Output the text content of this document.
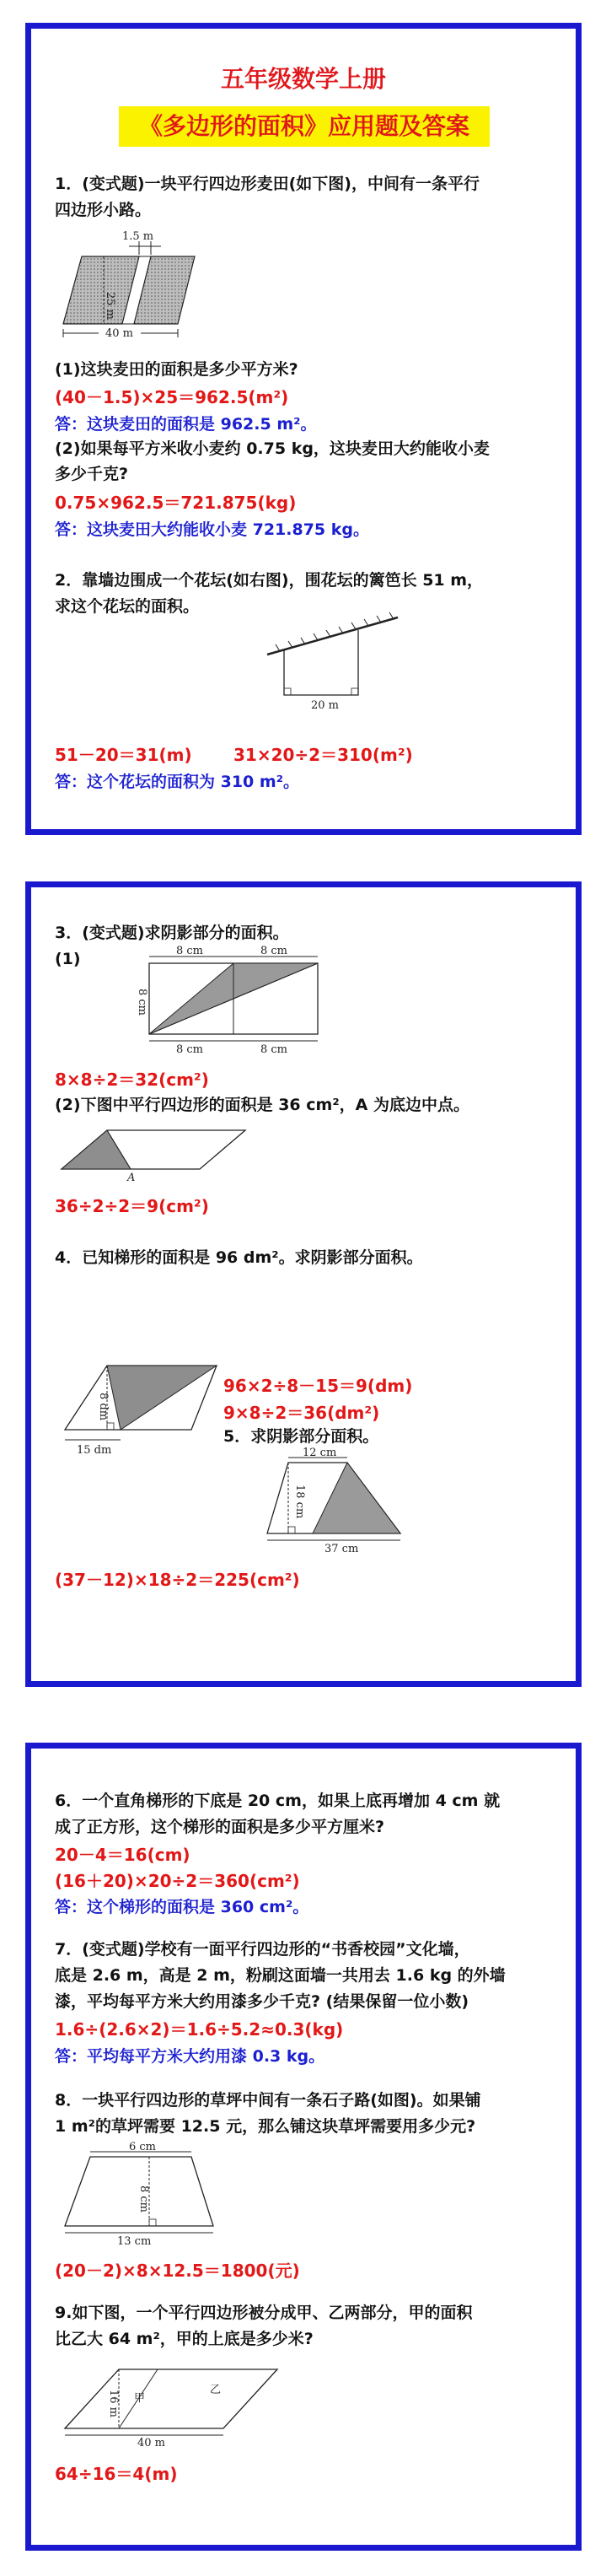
五年级数学上册
《多边形的面积》应用题及答案
1．(变式题)一块平行四边形麦田(如下图)，中间有一条平行
四边形小路。
1.5 m
25 m
40 m
(1)这块麦田的面积是多少平方米?
(40－1.5)×25＝962.5(m²)
答：这块麦田的面积是 962.5 m²。
(2)如果每平方米收小麦约 0.75 kg，这块麦田大约能收小麦
多少千克?
0.75×962.5＝721.875(kg)
答：这块麦田大约能收小麦 721.875 kg。
2．靠墙边围成一个花坛(如右图)，围花坛的篱笆长 51 m，
求这个花坛的面积。
20 m
51－20＝31(m) 31×20÷2＝310(m²)
答：这个花坛的面积为 310 m²。
3．(变式题)求阴影部分的面积。
(1)	8 cm	8 cm
8 cm
8 cm	8 cm
8×8÷2＝32(cm²)
(2)下图中平行四边形的面积是 36 cm²，A 为底边中点。
A
36÷2÷2＝9(cm²)
4．已知梯形的面积是 96 dm²。求阴影部分面积。
8 dm
15 dm
96×2÷8－15＝9(dm)
9×8÷2＝36(dm²)
5．求阴影部分面积。
12 cm
18 cm
37 cm
(37－12)×18÷2＝225(cm²)
6．一个直角梯形的下底是 20 cm，如果上底再增加 4 cm 就
成了正方形，这个梯形的面积是多少平方厘米?
20－4＝16(cm)
(16＋20)×20÷2＝360(cm²)
答：这个梯形的面积是 360 cm²。
7．(变式题)学校有一面平行四边形的“书香校园”文化墙，
底是 2.6 m，高是 2 m，粉刷这面墙一共用去 1.6 kg 的外墙
漆，平均每平方米大约用漆多少千克? (结果保留一位小数)
1.6÷(2.6×2)＝1.6÷5.2≈0.3(kg)
答：平均每平方米大约用漆 0.3 kg。
8．一块平行四边形的草坪中间有一条石子路(如图)。如果铺
1 m²的草坪需要 12.5 元，那么铺这块草坪需要用多少元?
6 cm
8 cm
13 cm
(20－2)×8×12.5＝1800(元)
9.如下图，一个平行四边形被分成甲、乙两部分，甲的面积
比乙大 64 m²，甲的上底是多少米?
甲
乙
16 m
40 m
64÷16＝4(m)
